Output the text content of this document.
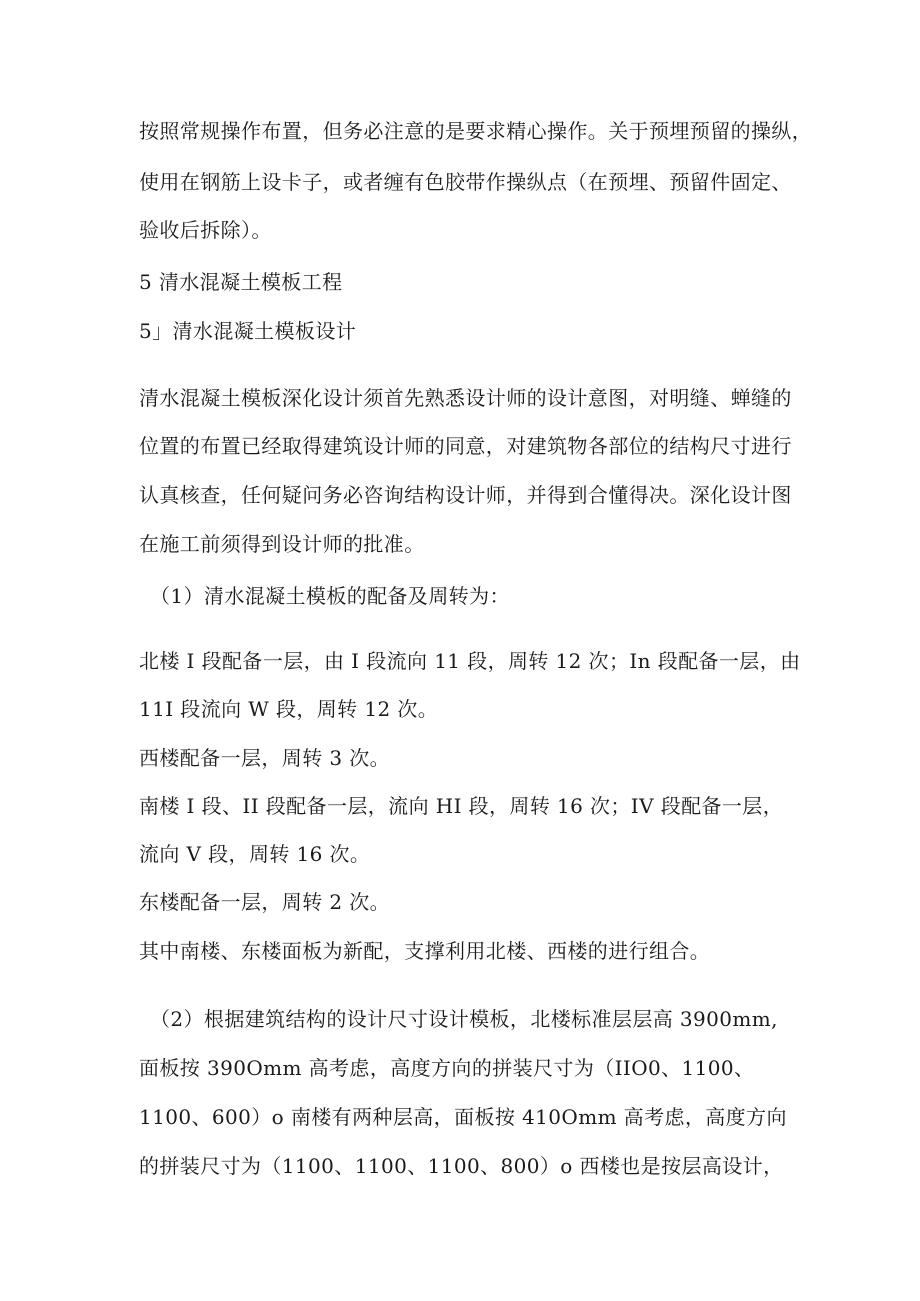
按照常规操作布置，但务必注意的是要求精心操作。关于预埋预留的操纵，
使用在钢筋上设卡子，或者缠有色胶带作操纵点（在预埋、预留件固定、
验收后拆除）。
5 清水混凝土模板工程
5」清水混凝土模板设计
清水混凝土模板深化设计须首先熟悉设计师的设计意图，对明缝、蝉缝的
位置的布置已经取得建筑设计师的同意，对建筑物各部位的结构尺寸进行
认真核查，任何疑问务必咨询结构设计师，并得到合懂得决。深化设计图
在施工前须得到设计师的批准。
（1）清水混凝土模板的配备及周转为：
北楼 I 段配备一层，由 I 段流向 11 段，周转 12 次；In 段配备一层，由
11I 段流向 W 段，周转 12 次。
西楼配备一层，周转 3 次。
南楼 I 段、II 段配备一层，流向 HI 段，周转 16 次；IV 段配备一层，
流向 V 段，周转 16 次。
东楼配备一层，周转 2 次。
其中南楼、东楼面板为新配，支撑利用北楼、西楼的进行组合。
（2）根据建筑结构的设计尺寸设计模板，北楼标准层层高 3900mm,
面板按 390Omm 高考虑，高度方向的拼装尺寸为（IIO0、1100、
1100、600）o 南楼有两种层高，面板按 410Omm 高考虑，高度方向
的拼装尺寸为（1100、1100、1100、800）o 西楼也是按层高设计，
